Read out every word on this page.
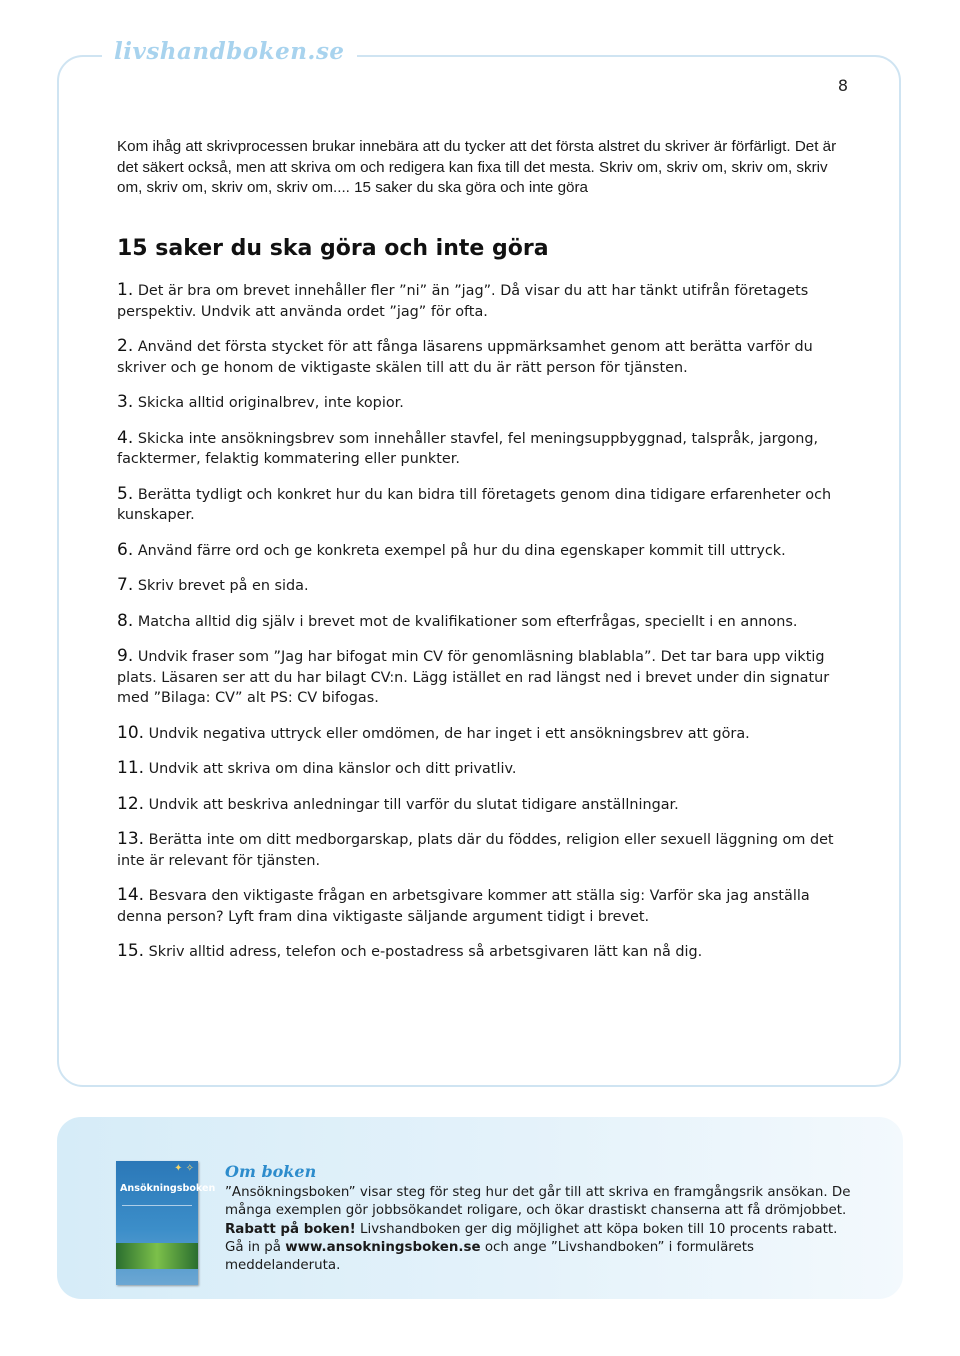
livshandboken.se
8

Kom ihåg att skrivprocessen brukar innebära att du tycker att det första alstret du skriver är förfärligt. Det är det säkert också, men att skriva om och redigera kan fixa till det mesta. Skriv om, skriv om, skriv om, skriv om, skriv om, skriv om, skriv om.... 15 saker du ska göra och inte göra

15 saker du ska göra och inte göra
1. Det är bra om brevet innehåller fler ”ni” än ”jag”. Då visar du att har tänkt utifrån företagets perspektiv. Undvik att använda ordet ”jag” för ofta.
2. Använd det första stycket för att fånga läsarens uppmärksamhet genom att berätta varför du skriver och ge honom de viktigaste skälen till att du är rätt person för tjänsten.
3. Skicka alltid originalbrev, inte kopior.
4. Skicka inte ansökningsbrev som innehåller stavfel, fel meningsuppbyggnad, talspråk, jargong, facktermer, felaktig kommatering eller punkter.
5. Berätta tydligt och konkret hur du kan bidra till företagets genom dina tidigare erfarenheter och kunskaper.
6. Använd färre ord och ge konkreta exempel på hur du dina egenskaper kommit till uttryck.
7. Skriv brevet på en sida.
8. Matcha alltid dig själv i brevet mot de kvalifikationer som efterfrågas, speciellt i en annons.
9. Undvik fraser som ”Jag har bifogat min CV för genomläsning blablabla”. Det tar bara upp viktig plats. Läsaren ser att du har bilagt CV:n. Lägg istället en rad längst ned i brevet under din signatur med ”Bilaga: CV” alt PS: CV bifogas.
10. Undvik negativa uttryck eller omdömen, de har inget i ett ansökningsbrev att göra.
11. Undvik att skriva om dina känslor och ditt privatliv.
12. Undvik att beskriva anledningar till varför du slutat tidigare anställningar.
13. Berätta inte om ditt medborgarskap, plats där du föddes, religion eller sexuell läggning om det inte är relevant för tjänsten.
14. Besvara den viktigaste frågan en arbetsgivare kommer att ställa sig: Varför ska jag anställa denna person? Lyft fram dina viktigaste säljande argument tidigt i brevet.
15. Skriv alltid adress, telefon och e-postadress så arbetsgivaren lätt kan nå dig.
✦ ✧
Ansökningsboken
Om boken

”Ansökningsboken” visar steg för steg hur det går till att skriva en framgångsrik ansökan. De många exemplen gör jobbsökandet roligare, och ökar drastiskt chanserna att få drömjobbet. Rabatt på boken! Livshandboken ger dig möjlighet att köpa boken till 10 procents rabatt. Gå in på www.ansokningsboken.se och ange ”Livshandboken” i formulärets meddelanderuta.
